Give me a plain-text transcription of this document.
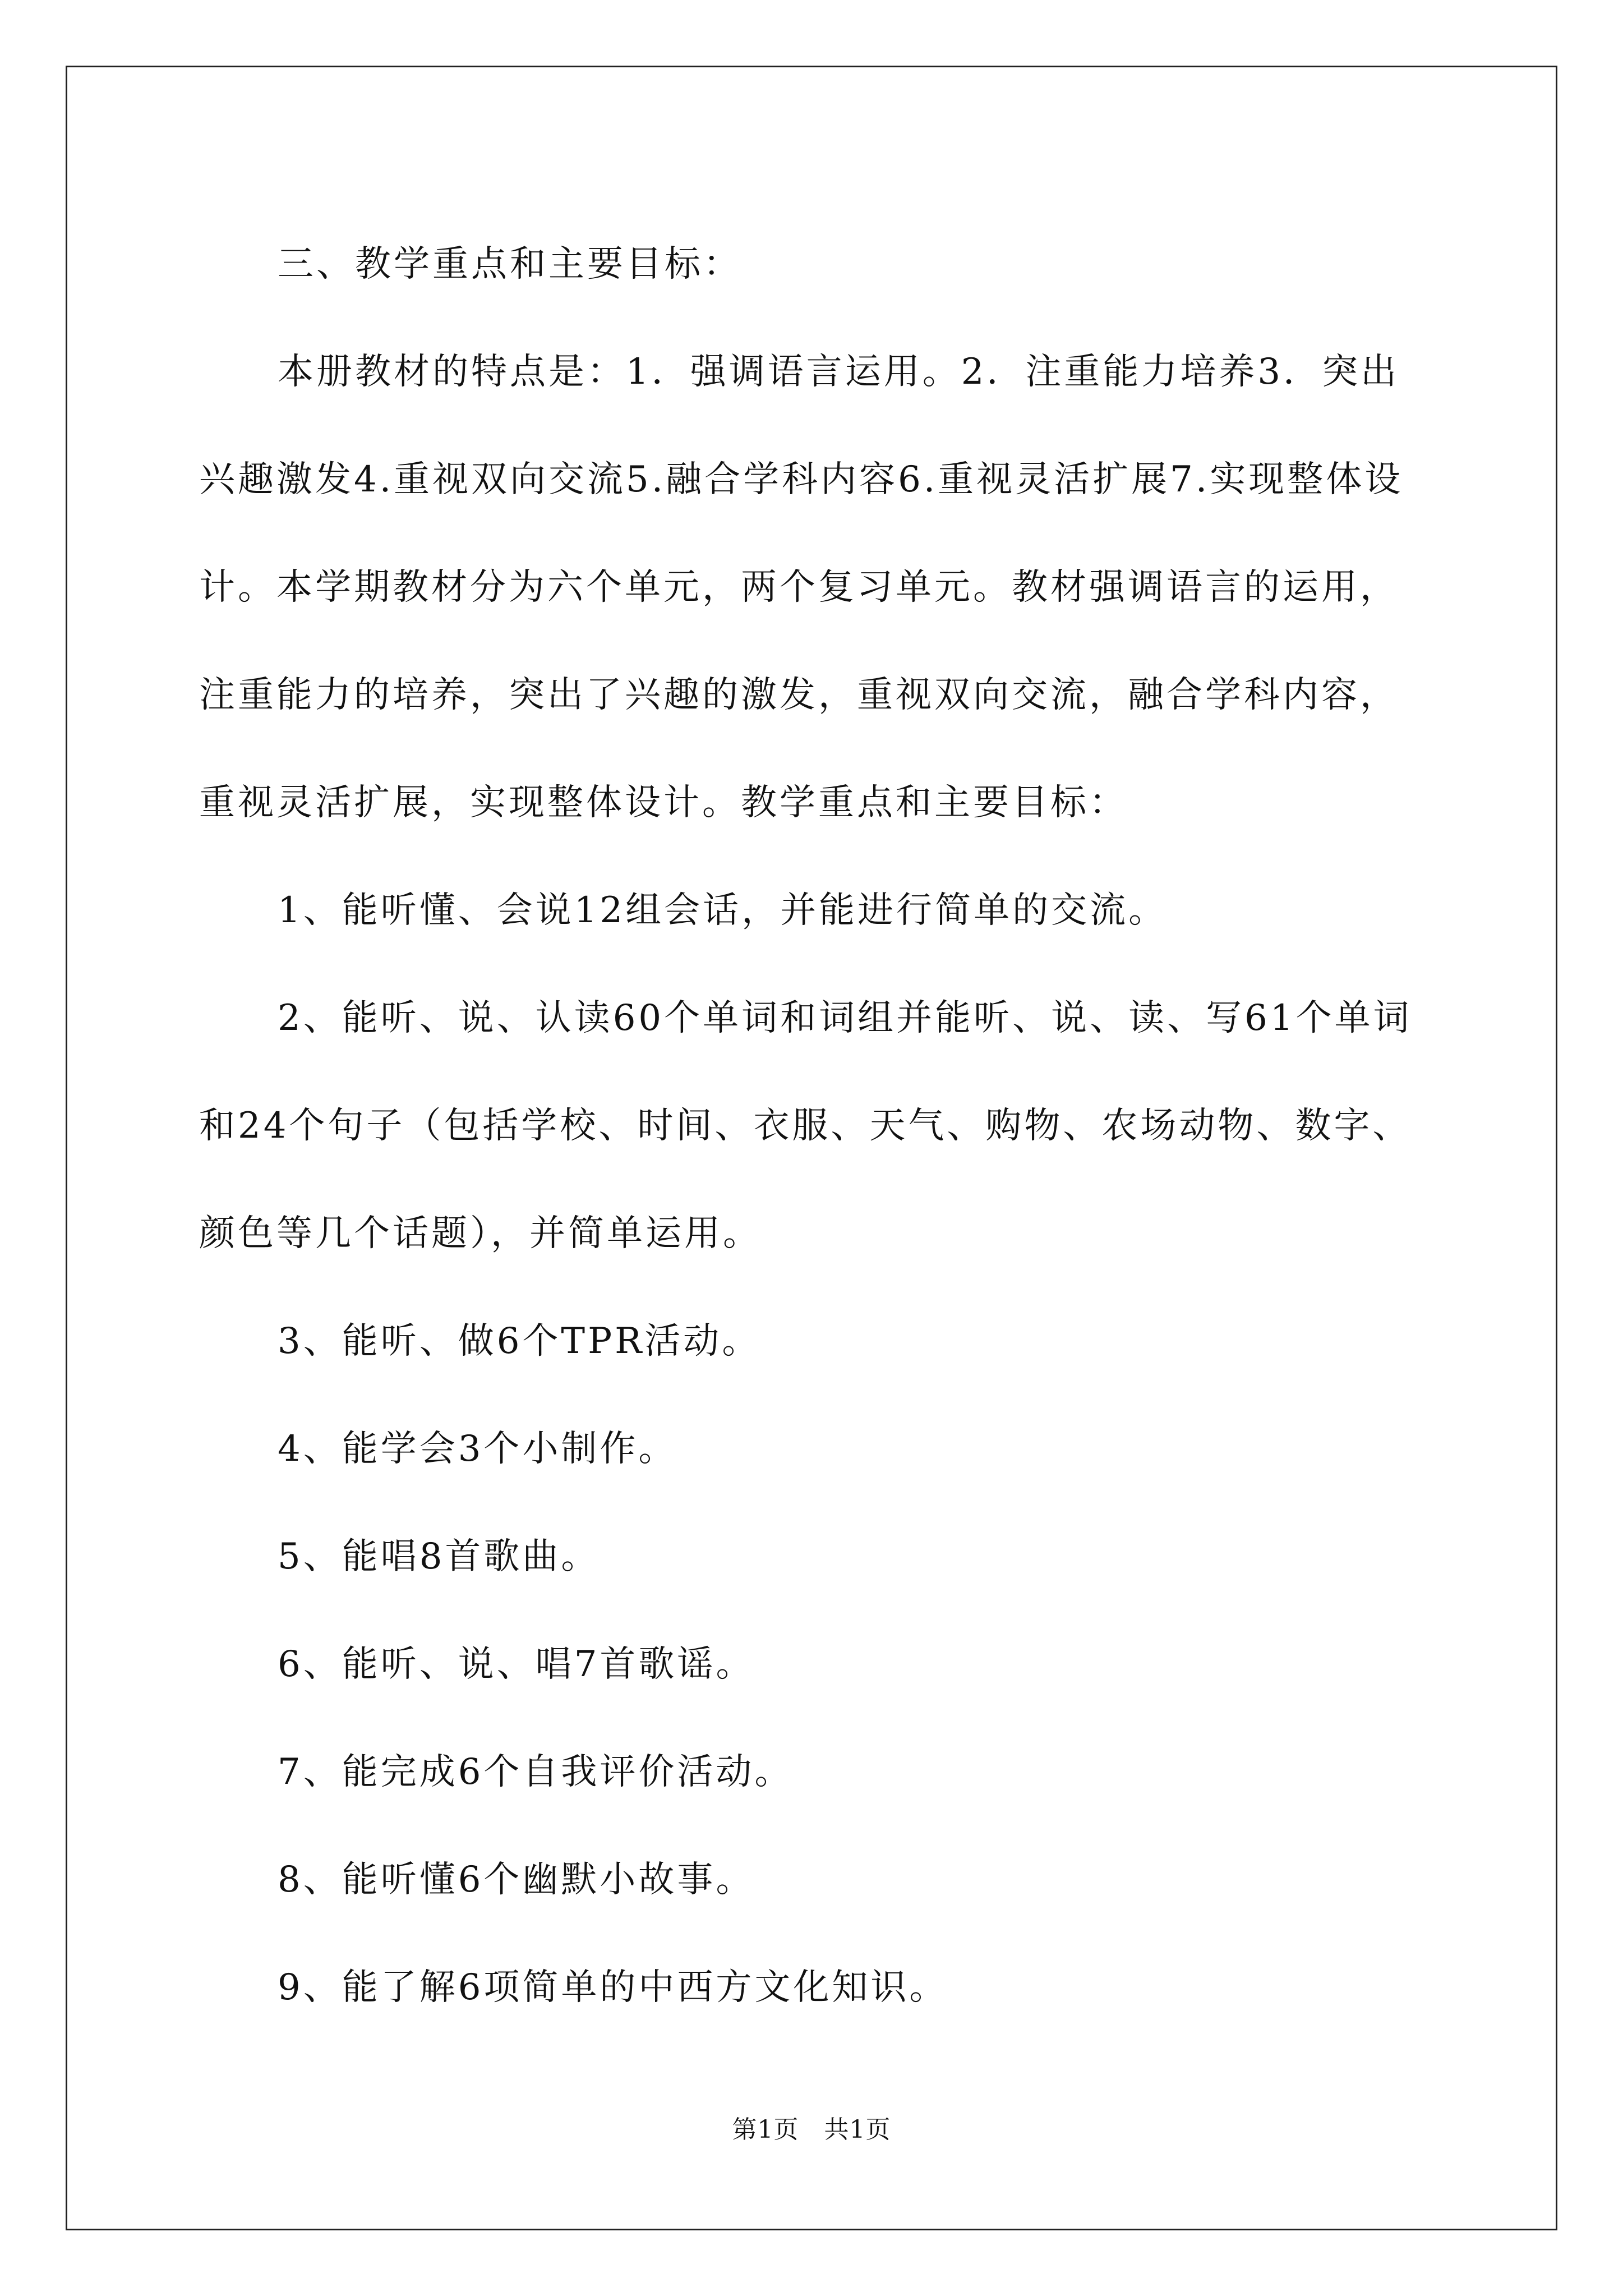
三、教学重点和主要目标：

本册教材的特点是：1．强调语言运用。2．注重能力培养3．突出兴趣激发4.重视双向交流5.融合学科内容6.重视灵活扩展7.实现整体设计。本学期教材分为六个单元，两个复习单元。教材强调语言的运用，注重能力的培养，突出了兴趣的激发，重视双向交流，融合学科内容，重视灵活扩展，实现整体设计。教学重点和主要目标：

1、能听懂、会说12组会话，并能进行简单的交流。

2、能听、说、认读60个单词和词组并能听、说、读、写61个单词和24个句子（包括学校、时间、衣服、天气、购物、农场动物、数字、颜色等几个话题），并简单运用。

3、能听、做6个TPR活动。

4、能学会3个小制作。

5、能唱8首歌曲。

6、能听、说、唱7首歌谣。

7、能完成6个自我评价活动。

8、能听懂6个幽默小故事。

9、能了解6项简单的中西方文化知识。

第1页　共1页
